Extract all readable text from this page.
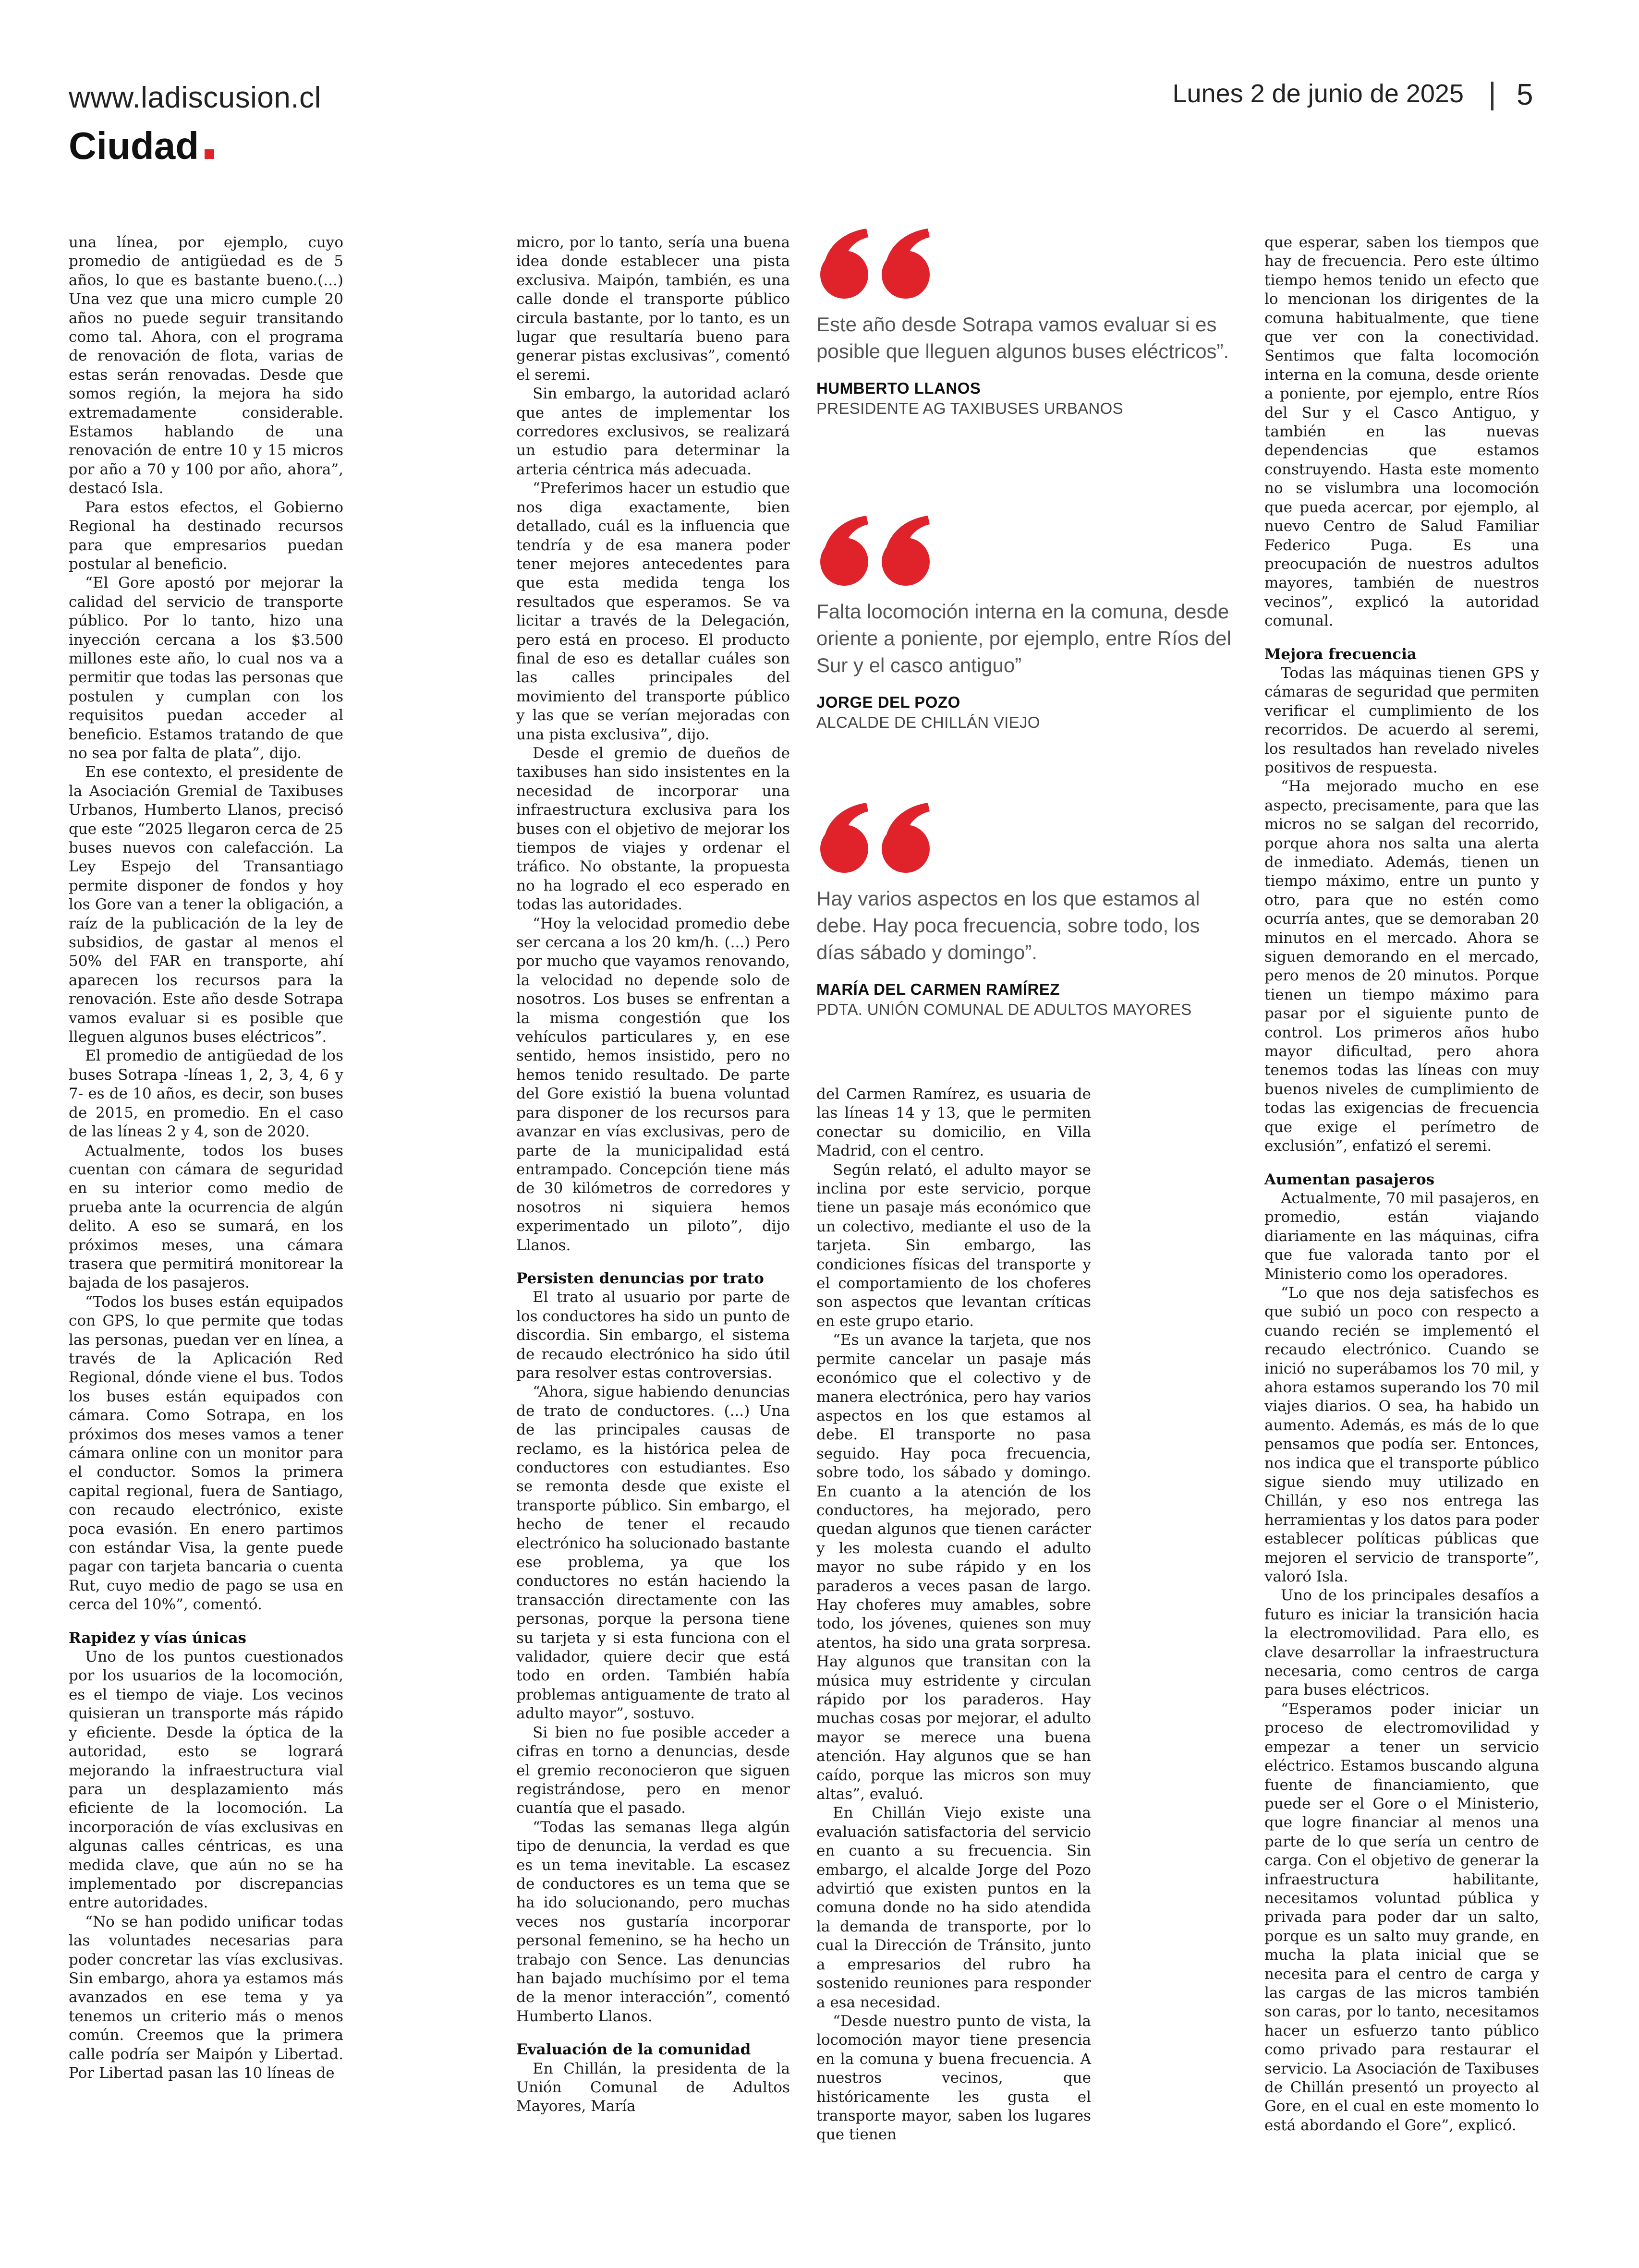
www.ladiscusion.cl	Lunes 2 de junio de 2025 5
Ciudad

una línea, por ejemplo, cuyo promedio de antigüedad es de 5 años, lo que es bastante bueno.(...) Una vez que una micro cumple 20 años no puede seguir transitando como tal. Ahora, con el programa de renovación de flota, varias de estas serán renovadas. Desde que somos región, la mejora ha sido extremadamente considerable. Estamos hablando de una renovación de entre 10 y 15 micros por año a 70 y 100 por año, ahora”, destacó Isla.

Para estos efectos, el Gobierno Regional ha destinado recursos para que empresarios puedan postular al beneficio.

“El Gore apostó por mejorar la calidad del servicio de transporte público. Por lo tanto, hizo una inyección cercana a los $3.500 millones este año, lo cual nos va a permitir que todas las personas que postulen y cumplan con los requisitos puedan acceder al beneficio. Estamos tratando de que no sea por falta de plata”, dijo.

En ese contexto, el presidente de la Asociación Gremial de Taxibuses Urbanos, Humberto Llanos, precisó que este “2025 llegaron cerca de 25 buses nuevos con calefacción. La Ley Espejo del Transantiago permite disponer de fondos y hoy los Gore van a tener la obligación, a raíz de la publicación de la ley de subsidios, de gastar al menos el 50% del FAR en transporte, ahí aparecen los recursos para la renovación. Este año desde Sotrapa vamos evaluar si es posible que lleguen algunos buses eléctricos”.

El promedio de antigüedad de los buses Sotrapa -líneas 1, 2, 3, 4, 6 y 7- es de 10 años, es decir, son buses de 2015, en promedio. En el caso de las líneas 2 y 4, son de 2020.

Actualmente, todos los buses cuentan con cámara de seguridad en su interior como medio de prueba ante la ocurrencia de algún delito. A eso se sumará, en los próximos meses, una cámara trasera que permitirá monitorear la bajada de los pasajeros.

“Todos los buses están equipados con GPS, lo que permite que todas las personas, puedan ver en línea, a través de la Aplicación Red Regional, dónde viene el bus. Todos los buses están equipados con cámara. Como Sotrapa, en los próximos dos meses vamos a tener cámara online con un monitor para el conductor. Somos la primera capital regional, fuera de Santiago, con recaudo electrónico, existe poca evasión. En enero partimos con estándar Visa, la gente puede pagar con tarjeta bancaria o cuenta Rut, cuyo medio de pago se usa en cerca del 10%”, comentó.

Rapidez y vías únicas

Uno de los puntos cuestionados por los usuarios de la locomoción, es el tiempo de viaje. Los vecinos quisieran un transporte más rápido y eficiente. Desde la óptica de la autoridad, esto se logrará mejorando la infraestructura vial para un desplazamiento más eficiente de la locomoción. La incorporación de vías exclusivas en algunas calles céntricas, es una medida clave, que aún no se ha implementado por discrepancias entre autoridades.

“No se han podido unificar todas las voluntades necesarias para poder concretar las vías exclusivas. Sin embargo, ahora ya estamos más avanzados en ese tema y ya tenemos un criterio más o menos común. Creemos que la primera calle podría ser Maipón y Libertad. Por Libertad pasan las 10 líneas de

micro, por lo tanto, sería una buena idea donde establecer una pista exclusiva. Maipón, también, es una calle donde el transporte público circula bastante, por lo tanto, es un lugar que resultaría bueno para generar pistas exclusivas”, comentó el seremi.

Sin embargo, la autoridad aclaró que antes de implementar los corredores exclusivos, se realizará un estudio para determinar la arteria céntrica más adecuada.

“Preferimos hacer un estudio que nos diga exactamente, bien detallado, cuál es la influencia que tendría y de esa manera poder tener mejores antecedentes para que esta medida tenga los resultados que esperamos. Se va licitar a través de la Delegación, pero está en proceso. El producto final de eso es detallar cuáles son las calles principales del movimiento del transporte público y las que se verían mejoradas con una pista exclusiva”, dijo.

Desde el gremio de dueños de taxibuses han sido insistentes en la necesidad de incorporar una infraestructura exclusiva para los buses con el objetivo de mejorar los tiempos de viajes y ordenar el tráfico. No obstante, la propuesta no ha logrado el eco esperado en todas las autoridades.

“Hoy la velocidad promedio debe ser cercana a los 20 km/h. (...) Pero por mucho que vayamos renovando, la velocidad no depende solo de nosotros. Los buses se enfrentan a la misma congestión que los vehículos particulares y, en ese sentido, hemos insistido, pero no hemos tenido resultado. De parte del Gore existió la buena voluntad para disponer de los recursos para avanzar en vías exclusivas, pero de parte de la municipalidad está entrampado. Concepción tiene más de 30 kilómetros de corredores y nosotros ni siquiera hemos experimentado un piloto”, dijo Llanos.

Persisten denuncias por trato

El trato al usuario por parte de los conductores ha sido un punto de discordia. Sin embargo, el sistema de recaudo electrónico ha sido útil para resolver estas controversias.

“Ahora, sigue habiendo denuncias de trato de conductores. (...) Una de las principales causas de reclamo, es la histórica pelea de conductores con estudiantes. Eso se remonta desde que existe el transporte público. Sin embargo, el hecho de tener el recaudo electrónico ha solucionado bastante ese problema, ya que los conductores no están haciendo la transacción directamente con las personas, porque la persona tiene su tarjeta y si esta funciona con el validador, quiere decir que está todo en orden. También había problemas antiguamente de trato al adulto mayor”, sostuvo.

Si bien no fue posible acceder a cifras en torno a denuncias, desde el gremio reconocieron que siguen registrándose, pero en menor cuantía que el pasado.

“Todas las semanas llega algún tipo de denuncia, la verdad es que es un tema inevitable. La escasez de conductores es un tema que se ha ido solucionando, pero muchas veces nos gustaría incorporar personal femenino, se ha hecho un trabajo con Sence. Las denuncias han bajado muchísimo por el tema de la menor interacción”, comentó Humberto Llanos.

Evaluación de la comunidad

En Chillán, la presidenta de la Unión Comunal de Adultos Mayores, María

Este año desde Sotrapa vamos evaluar si es posible que lleguen algunos buses eléctricos”.
HUMBERTO LLANOS
PRESIDENTE AG TAXIBUSES URBANOS
Falta locomoción interna en la comuna, desde oriente a poniente, por ejemplo, entre Ríos del Sur y el casco antiguo”
JORGE DEL POZO
ALCALDE DE CHILLÁN VIEJO
Hay varios aspectos en los que estamos al debe. Hay poca frecuencia, sobre todo, los días sábado y domingo”.
MARÍA DEL CARMEN RAMÍREZ
PDTA. UNIÓN COMUNAL DE ADULTOS MAYORES

del Carmen Ramírez, es usuaria de las líneas 14 y 13, que le permiten conectar su domicilio, en Villa Madrid, con el centro.

Según relató, el adulto mayor se inclina por este servicio, porque tiene un pasaje más económico que un colectivo, mediante el uso de la tarjeta. Sin embargo, las condiciones físicas del transporte y el comportamiento de los choferes son aspectos que levantan críticas en este grupo etario.

“Es un avance la tarjeta, que nos permite cancelar un pasaje más económico que el colectivo y de manera electrónica, pero hay varios aspectos en los que estamos al debe. El transporte no pasa seguido. Hay poca frecuencia, sobre todo, los sábado y domingo. En cuanto a la atención de los conductores, ha mejorado, pero quedan algunos que tienen carácter y les molesta cuando el adulto mayor no sube rápido y en los paraderos a veces pasan de largo. Hay choferes muy amables, sobre todo, los jóvenes, quienes son muy atentos, ha sido una grata sorpresa. Hay algunos que transitan con la música muy estridente y circulan rápido por los paraderos. Hay muchas cosas por mejorar, el adulto mayor se merece una buena atención. Hay algunos que se han caído, porque las micros son muy altas”, evaluó.

En Chillán Viejo existe una evaluación satisfactoria del servicio en cuanto a su frecuencia. Sin embargo, el alcalde Jorge del Pozo advirtió que existen puntos en la comuna donde no ha sido atendida la demanda de transporte, por lo cual la Dirección de Tránsito, junto a empresarios del rubro ha sostenido reuniones para responder a esa necesidad.

“Desde nuestro punto de vista, la locomoción mayor tiene presencia en la comuna y buena frecuencia. A nuestros vecinos, que históricamente les gusta el transporte mayor, saben los lugares que tienen

que esperar, saben los tiempos que hay de frecuencia. Pero este último tiempo hemos tenido un efecto que lo mencionan los dirigentes de la comuna habitualmente, que tiene que ver con la conectividad. Sentimos que falta locomoción interna en la comuna, desde oriente a poniente, por ejemplo, entre Ríos del Sur y el Casco Antiguo, y también en las nuevas dependencias que estamos construyendo. Hasta este momento no se vislumbra una locomoción que pueda acercar, por ejemplo, al nuevo Centro de Salud Familiar Federico Puga. Es una preocupación de nuestros adultos mayores, también de nuestros vecinos”, explicó la autoridad comunal.

Mejora frecuencia

Todas las máquinas tienen GPS y cámaras de seguridad que permiten verificar el cumplimiento de los recorridos. De acuerdo al seremi, los resultados han revelado niveles positivos de respuesta.

“Ha mejorado mucho en ese aspecto, precisamente, para que las micros no se salgan del recorrido, porque ahora nos salta una alerta de inmediato. Además, tienen un tiempo máximo, entre un punto y otro, para que no estén como ocurría antes, que se demoraban 20 minutos en el mercado. Ahora se siguen demorando en el mercado, pero menos de 20 minutos. Porque tienen un tiempo máximo para pasar por el siguiente punto de control. Los primeros años hubo mayor dificultad, pero ahora tenemos todas las líneas con muy buenos niveles de cumplimiento de todas las exigencias de frecuencia que exige el perímetro de exclusión”, enfatizó el seremi.

Aumentan pasajeros

Actualmente, 70 mil pasajeros, en promedio, están viajando diariamente en las máquinas, cifra que fue valorada tanto por el Ministerio como los operadores.

“Lo que nos deja satisfechos es que subió un poco con respecto a cuando recién se implementó el recaudo electrónico. Cuando se inició no superábamos los 70 mil, y ahora estamos superando los 70 mil viajes diarios. O sea, ha habido un aumento. Además, es más de lo que pensamos que podía ser. Entonces, nos indica que el transporte público sigue siendo muy utilizado en Chillán, y eso nos entrega las herramientas y los datos para poder establecer políticas públicas que mejoren el servicio de transporte”, valoró Isla.

Uno de los principales desafíos a futuro es iniciar la transición hacia la electromovilidad. Para ello, es clave desarrollar la infraestructura necesaria, como centros de carga para buses eléctricos.

“Esperamos poder iniciar un proceso de electromovilidad y empezar a tener un servicio eléctrico. Estamos buscando alguna fuente de financiamiento, que puede ser el Gore o el Ministerio, que logre financiar al menos una parte de lo que sería un centro de carga. Con el objetivo de generar la infraestructura habilitante, necesitamos voluntad pública y privada para poder dar un salto, porque es un salto muy grande, en mucha la plata inicial que se necesita para el centro de carga y las cargas de las micros también son caras, por lo tanto, necesitamos hacer un esfuerzo tanto público como privado para restaurar el servicio. La Asociación de Taxibuses de Chillán presentó un proyecto al Gore, en el cual en este momento lo está abordando el Gore”, explicó.
